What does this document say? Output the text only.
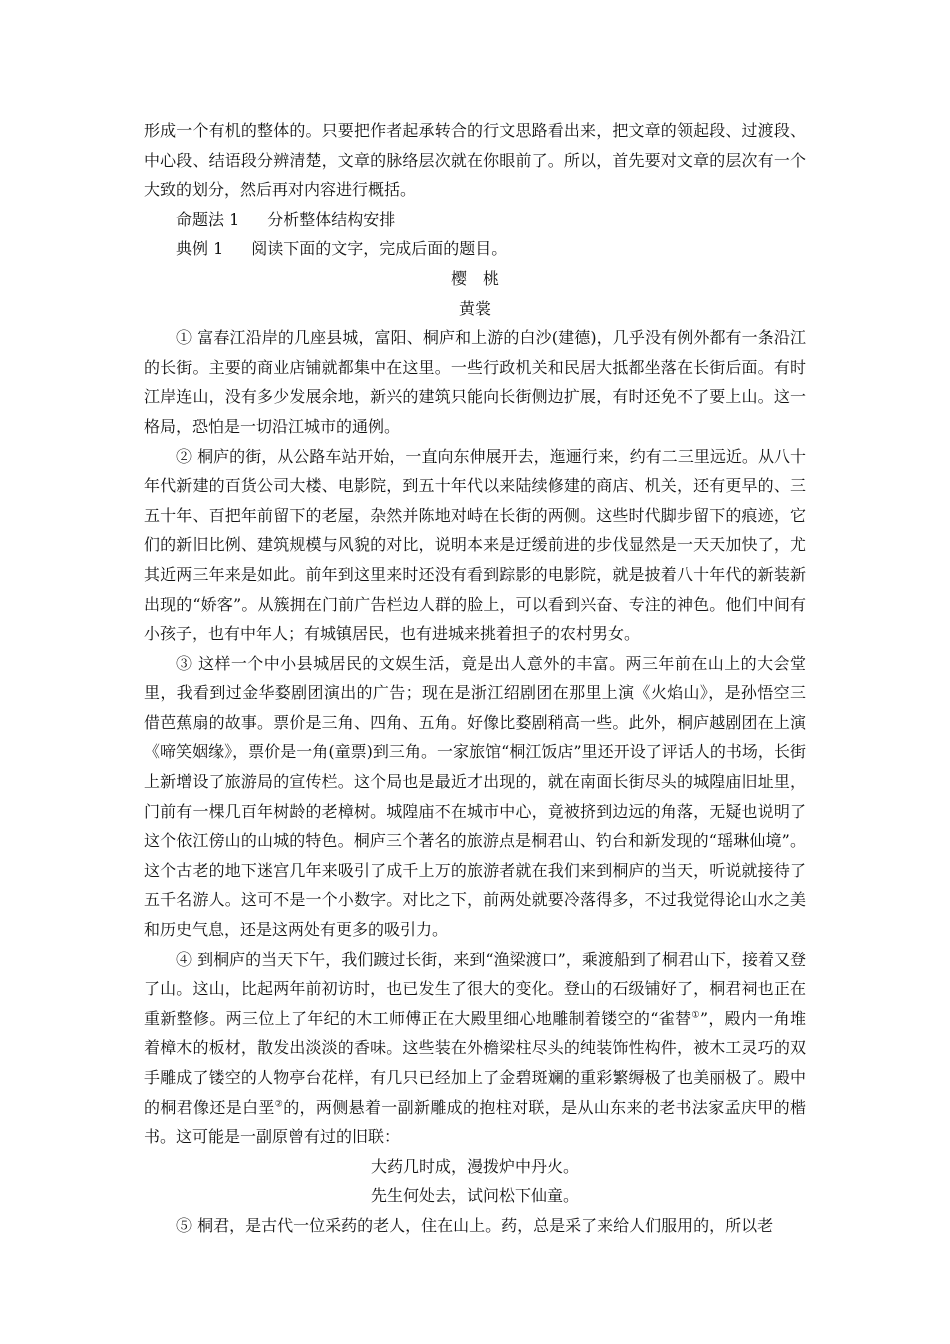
形成一个有机的整体的。只要把作者起承转合的行文思路看出来，把文章的领起段、过渡段、中心段、结语段分辨清楚，文章的脉络层次就在你眼前了。所以，首先要对文章的层次有一个大致的划分，然后再对内容进行概括。

命题法 1 分析整体结构安排

典例 1 阅读下面的文字，完成后面的题目。

樱桃

黄裳

① 富春江沿岸的几座县城，富阳、桐庐和上游的白沙(建德)，几乎没有例外都有一条沿江的长街。主要的商业店铺就都集中在这里。一些行政机关和民居大抵都坐落在长街后面。有时江岸连山，没有多少发展余地，新兴的建筑只能向长街侧边扩展，有时还免不了要上山。这一格局，恐怕是一切沿江城市的通例。

② 桐庐的街，从公路车站开始，一直向东伸展开去，迤逦行来，约有二三里远近。从八十年代新建的百货公司大楼、电影院，到五十年代以来陆续修建的商店、机关，还有更早的、三五十年、百把年前留下的老屋，杂然并陈地对峙在长街的两侧。这些时代脚步留下的痕迹，它们的新旧比例、建筑规模与风貌的对比，说明本来是迂缓前进的步伐显然是一天天加快了，尤其近两三年来是如此。前年到这里来时还没有看到踪影的电影院，就是披着八十年代的新装新出现的“娇客”。从簇拥在门前广告栏边人群的脸上，可以看到兴奋、专注的神色。他们中间有小孩子，也有中年人；有城镇居民，也有进城来挑着担子的农村男女。

③ 这样一个中小县城居民的文娱生活，竟是出人意外的丰富。两三年前在山上的大会堂里，我看到过金华婺剧团演出的广告；现在是浙江绍剧团在那里上演《火焰山》，是孙悟空三借芭蕉扇的故事。票价是三角、四角、五角。好像比婺剧稍高一些。此外，桐庐越剧团在上演《啼笑姻缘》，票价是一角(童票)到三角。一家旅馆“桐江饭店”里还开设了评话人的书场，长街上新增设了旅游局的宣传栏。这个局也是最近才出现的，就在南面长街尽头的城隍庙旧址里，门前有一棵几百年树龄的老樟树。城隍庙不在城市中心，竟被挤到边远的角落，无疑也说明了这个依江傍山的山城的特色。桐庐三个著名的旅游点是桐君山、钓台和新发现的“瑶琳仙境”。这个古老的地下迷宫几年来吸引了成千上万的旅游者就在我们来到桐庐的当天，听说就接待了五千名游人。这可不是一个小数字。对比之下，前两处就要冷落得多，不过我觉得论山水之美和历史气息，还是这两处有更多的吸引力。

④ 到桐庐的当天下午，我们踱过长街，来到“渔梁渡口”，乘渡船到了桐君山下，接着又登了山。这山，比起两年前初访时，也已发生了很大的变化。登山的石级铺好了，桐君祠也正在重新整修。两三位上了年纪的木工师傅正在大殿里细心地雕制着镂空的“雀替①”，殿内一角堆着樟木的板材，散发出淡淡的香味。这些装在外檐梁柱尽头的纯装饰性构件，被木工灵巧的双手雕成了镂空的人物亭台花样，有几只已经加上了金碧斑斓的重彩繁缛极了也美丽极了。殿中的桐君像还是白垩②的，两侧悬着一副新雕成的抱柱对联，是从山东来的老书法家孟庆甲的楷书。这可能是一副原曾有过的旧联：

大药几时成，漫拨炉中丹火。

先生何处去，试问松下仙童。

⑤ 桐君，是古代一位采药的老人，住在山上。药，总是采了来给人们服用的，所以老
